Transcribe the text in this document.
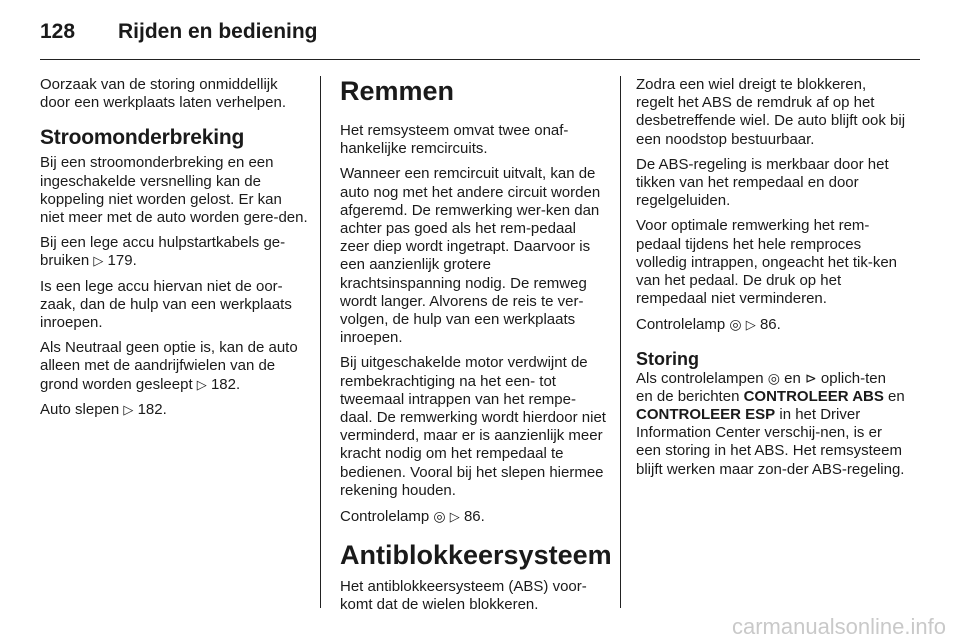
128 Rijden en bediening

Oorzaak van de storing onmiddellijk door een werkplaats laten verhelpen.

Stroomonderbreking

Bij een stroomonderbreking en een ingeschakelde versnelling kan de koppeling niet worden gelost. Er kan niet meer met de auto worden gere-den.

Bij een lege accu hulpstartkabels ge-bruiken ▷ 179.

Is een lege accu hiervan niet de oor-zaak, dan de hulp van een werkplaats inroepen.

Als Neutraal geen optie is, kan de auto alleen met de aandrijfwielen van de grond worden gesleept ▷ 182.

Auto slepen ▷ 182.

Remmen

Het remsysteem omvat twee onaf-hankelijke remcircuits.

Wanneer een remcircuit uitvalt, kan de auto nog met het andere circuit worden afgeremd. De remwerking wer-ken dan achter pas goed als het rem-pedaal zeer diep wordt ingetrapt. Daarvoor is een aanzienlijk grotere krachtsinspanning nodig. De remweg wordt langer. Alvorens de reis te ver-volgen, de hulp van een werkplaats inroepen.

Bij uitgeschakelde motor verdwijnt de rembekrachtiging na het een- tot tweemaal intrappen van het rempe-daal. De remwerking wordt hierdoor niet verminderd, maar er is aanzienlijk meer kracht nodig om het rempedaal te bedienen. Vooral bij het slepen hiermee rekening houden.

Controlelamp ◎ ▷ 86.

Antiblokkeersysteem

Het antiblokkeersysteem (ABS) voor-komt dat de wielen blokkeren.

Zodra een wiel dreigt te blokkeren, regelt het ABS de remdruk af op het desbetreffende wiel. De auto blijft ook bij een noodstop bestuurbaar.

De ABS-regeling is merkbaar door het tikken van het rempedaal en door regelgeluiden.

Voor optimale remwerking het rem-pedaal tijdens het hele remproces volledig intrappen, ongeacht het tik-ken van het pedaal. De druk op het rempedaal niet verminderen.

Controlelamp ◎ ▷ 86.

Storing

Als controlelampen ◎ en ⊳ oplich-ten en de berichten CONTROLEER ABS en CONTROLEER ESP in het Driver Information Center verschij-nen, is er een storing in het ABS. Het remsysteem blijft werken maar zon-der ABS-regeling.

carmanualsonline.info
